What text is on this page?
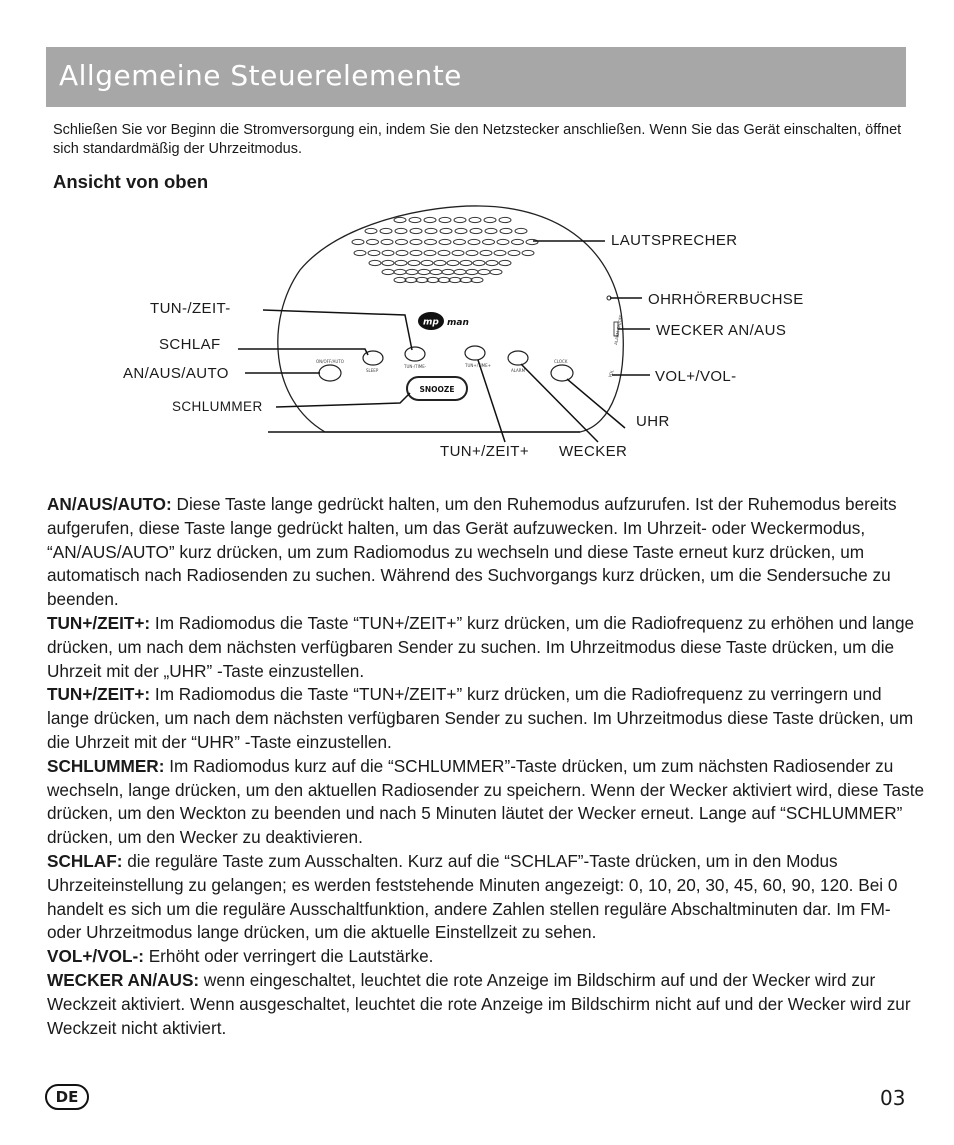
Allgemeine Steuerelemente

Schließen Sie vor Beginn die Stromversorgung ein, indem Sie den Netzstecker anschließen. Wenn Sie das Gerät einschalten, öffnet sich standardmäßig der Uhrzeitmodus.

Ansicht von oben
mp man
SNOOZE
ON/OFF/AUTO
SLEEP
TUN-/TIME-	TUN+/TIME+
ALARM
CLOCK
ALARM ON/OFF
VOL
LAUTSPRECHER
OHRHÖRERBUCHSE
WECKER AN/AUS
VOL+/VOL-
UHR
TUN-/ZEIT-
SCHLAF
AN/AUS/AUTO
SCHLUMMER
TUN+/ZEIT+ WECKER

AN/AUS/AUTO: Diese Taste lange gedrückt halten, um den Ruhemodus aufzurufen. Ist der Ruhemodus bereits aufgerufen, diese Taste lange gedrückt halten, um das Gerät aufzuwecken. Im Uhrzeit- oder Weckermodus, “AN/AUS/AUTO” kurz drücken, um zum Radiomodus zu wechseln und diese Taste erneut kurz drücken, um automatisch nach Radiosenden zu suchen. Während des Suchvorgangs kurz drücken, um die Sendersuche zu beenden.

TUN+/ZEIT+: Im Radiomodus die Taste “TUN+/ZEIT+” kurz drücken, um die Radiofrequenz zu erhöhen und lange drücken, um nach dem nächsten verfügbaren Sender zu suchen. Im Uhrzeitmodus diese Taste drücken, um die Uhrzeit mit der „UHR” -Taste einzustellen.

TUN+/ZEIT+: Im Radiomodus die Taste “TUN+/ZEIT+” kurz drücken, um die Radiofrequenz zu verringern und lange drücken, um nach dem nächsten verfügbaren Sender zu suchen. Im Uhrzeitmodus diese Taste drücken, um die Uhrzeit mit der “UHR” -Taste einzustellen.

SCHLUMMER: Im Radiomodus kurz auf die “SCHLUMMER”-Taste drücken, um zum nächsten Radiosender zu wechseln, lange drücken, um den aktuellen Radiosender zu speichern. Wenn der Wecker aktiviert wird, diese Taste drücken, um den Weckton zu beenden und nach 5 Minuten läutet der Wecker erneut. Lange auf “SCHLUMMER” drücken, um den Wecker zu deaktivieren.

SCHLAF: die reguläre Taste zum Ausschalten. Kurz auf die “SCHLAF”-Taste drücken, um in den Modus Uhrzeiteinstellung zu gelangen; es werden feststehende Minuten angezeigt: 0, 10, 20, 30, 45, 60, 90, 120. Bei 0 handelt es sich um die reguläre Ausschaltfunktion, andere Zahlen stellen reguläre Abschaltminuten dar. Im FM- oder Uhrzeitmodus lange drücken, um die aktuelle Einstellzeit zu sehen.

VOL+/VOL-: Erhöht oder verringert die Lautstärke.

WECKER AN/AUS: wenn eingeschaltet, leuchtet die rote Anzeige im Bildschirm auf und der Wecker wird zur Weckzeit aktiviert. Wenn ausgeschaltet, leuchtet die rote Anzeige im Bildschirm nicht auf und der Wecker wird zur Weckzeit nicht aktiviert.

DE	03
